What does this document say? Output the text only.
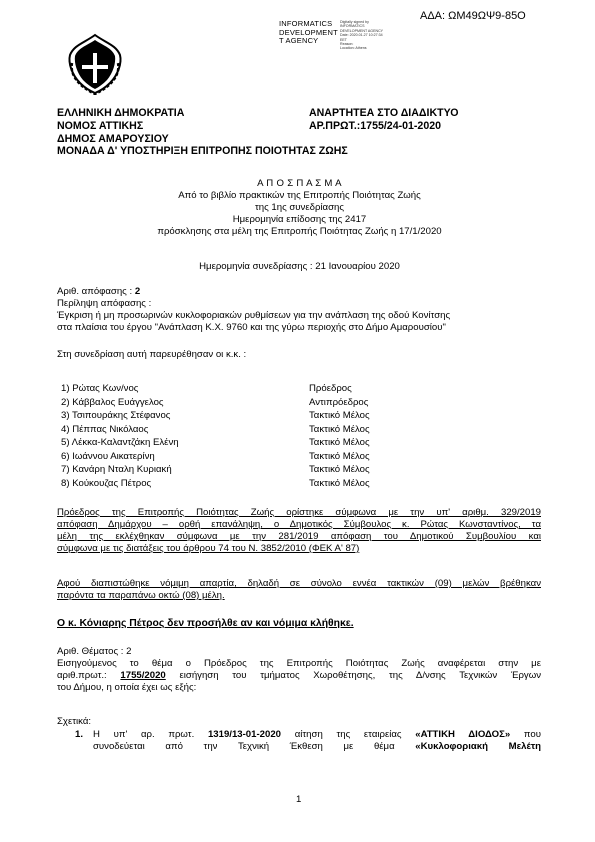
ΑΔΑ: ΩΜ49ΩΨ9-85Ο
INFORMATICS
DEVELOPMENT
T AGENCY
Digitally signed by
INFORMATICS
DEVELOPMENT AGENCY
Date: 2020.01.27 10:27:34
EET
Reason:
Location: Athens
ΕΛΛΗΝΙΚΗ ΔΗΜΟΚΡΑΤΙΑ
ΝΟΜΟΣ ΑΤΤΙΚΗΣ
ΔΗΜΟΣ ΑΜΑΡΟΥΣΙΟΥ
ΜΟΝΑΔΑ Δ' ΥΠΟΣΤΗΡΙΞΗ ΕΠΙΤΡΟΠΗΣ ΠΟΙΟΤΗΤΑΣ ΖΩΗΣ
ΑΝΑΡΤΗΤΕΑ ΣΤΟ ΔΙΑΔΙΚΤΥΟ
ΑΡ.ΠΡΩΤ.:1755/24-01-2020
Α Π Ο Σ Π Α Σ Μ Α
Από το βιβλίο πρακτικών της Επιτροπής Ποιότητας Ζωής
της 1ης συνεδρίασης
Ημερομηνία επίδοσης της 2417
πρόσκλησης στα μέλη της Επιτροπής Ποιότητας Ζωής η 17/1/2020
Ημερομηνία συνεδρίασης : 21 Ιανουαρίου 2020
Αριθ. απόφασης : 2
Περίληψη απόφασης :
Έγκριση ή μη προσωρινών κυκλοφοριακών ρυθμίσεων για την ανάπλαση της οδού Κονίτσης
στα πλαίσια του έργου "Ανάπλαση Κ.Χ. 9760 και της γύρω περιοχής στο Δήμο Αμαρουσίου"
Στη συνεδρίαση αυτή παρευρέθησαν οι κ.κ. :
1) Ρώτας Κων/νος	Πρόεδρος
2) Κάββαλος Ευάγγελος	Αντιπρόεδρος
3) Τσιπουράκης Στέφανος	Τακτικό Μέλος
4) Πέππας Νικόλαος	Τακτικό Μέλος
5) Λέκκα-Καλαντζάκη Ελένη	Τακτικό Μέλος
6) Ιωάννου Αικατερίνη	Τακτικό Μέλος
7) Κανάρη Νταλη Κυριακή	Τακτικό Μέλος
8) Κούκουζας Πέτρος	Τακτικό Μέλος
Πρόεδρος της Επιτροπής Ποιότητας Ζωής ορίστηκε σύμφωνα με την υπ' αριθμ. 329/2019
απόφαση Δημάρχου – ορθή επανάληψη, ο Δημοτικός Σύμβουλος κ. Ρώτας Κωνσταντίνος, τα
μέλη της εκλέχθηκαν σύμφωνα με την 281/2019 απόφαση του Δημοτικού Συμβουλίου και
σύμφωνα με τις διατάξεις του άρθρου 74 του Ν. 3852/2010 (ΦΕΚ Α' 87)
Αφού διαπιστώθηκε νόμιμη απαρτία, δηλαδή σε σύνολο εννέα τακτικών (09) μελών βρέθηκαν
παρόντα τα παραπάνω οκτώ (08) μέλη.
Ο κ. Κόνιαρης Πέτρος δεν προσήλθε αν και νόμιμα κλήθηκε.
Αριθ. Θέματος : 2
Εισηγούμενος το θέμα ο Πρόεδρος της Επιτροπής Ποιότητας Ζωής αναφέρεται στην με
αριθ.πρωτ.: 1755/2020 εισήγηση του τμήματος Χωροθέτησης, της Δ/νσης Τεχνικών Έργων
του Δήμου, η οποία έχει ως εξής:
Σχετικά:
1. Η υπ' αρ. πρωτ. 1319/13-01-2020 αίτηση της εταιρείας «ΑΤΤΙΚΗ ΔΙΟΔΟΣ» που
συνοδεύεται από την Τεχνική Έκθεση με θέμα «Κυκλοφοριακή Μελέτη
1
